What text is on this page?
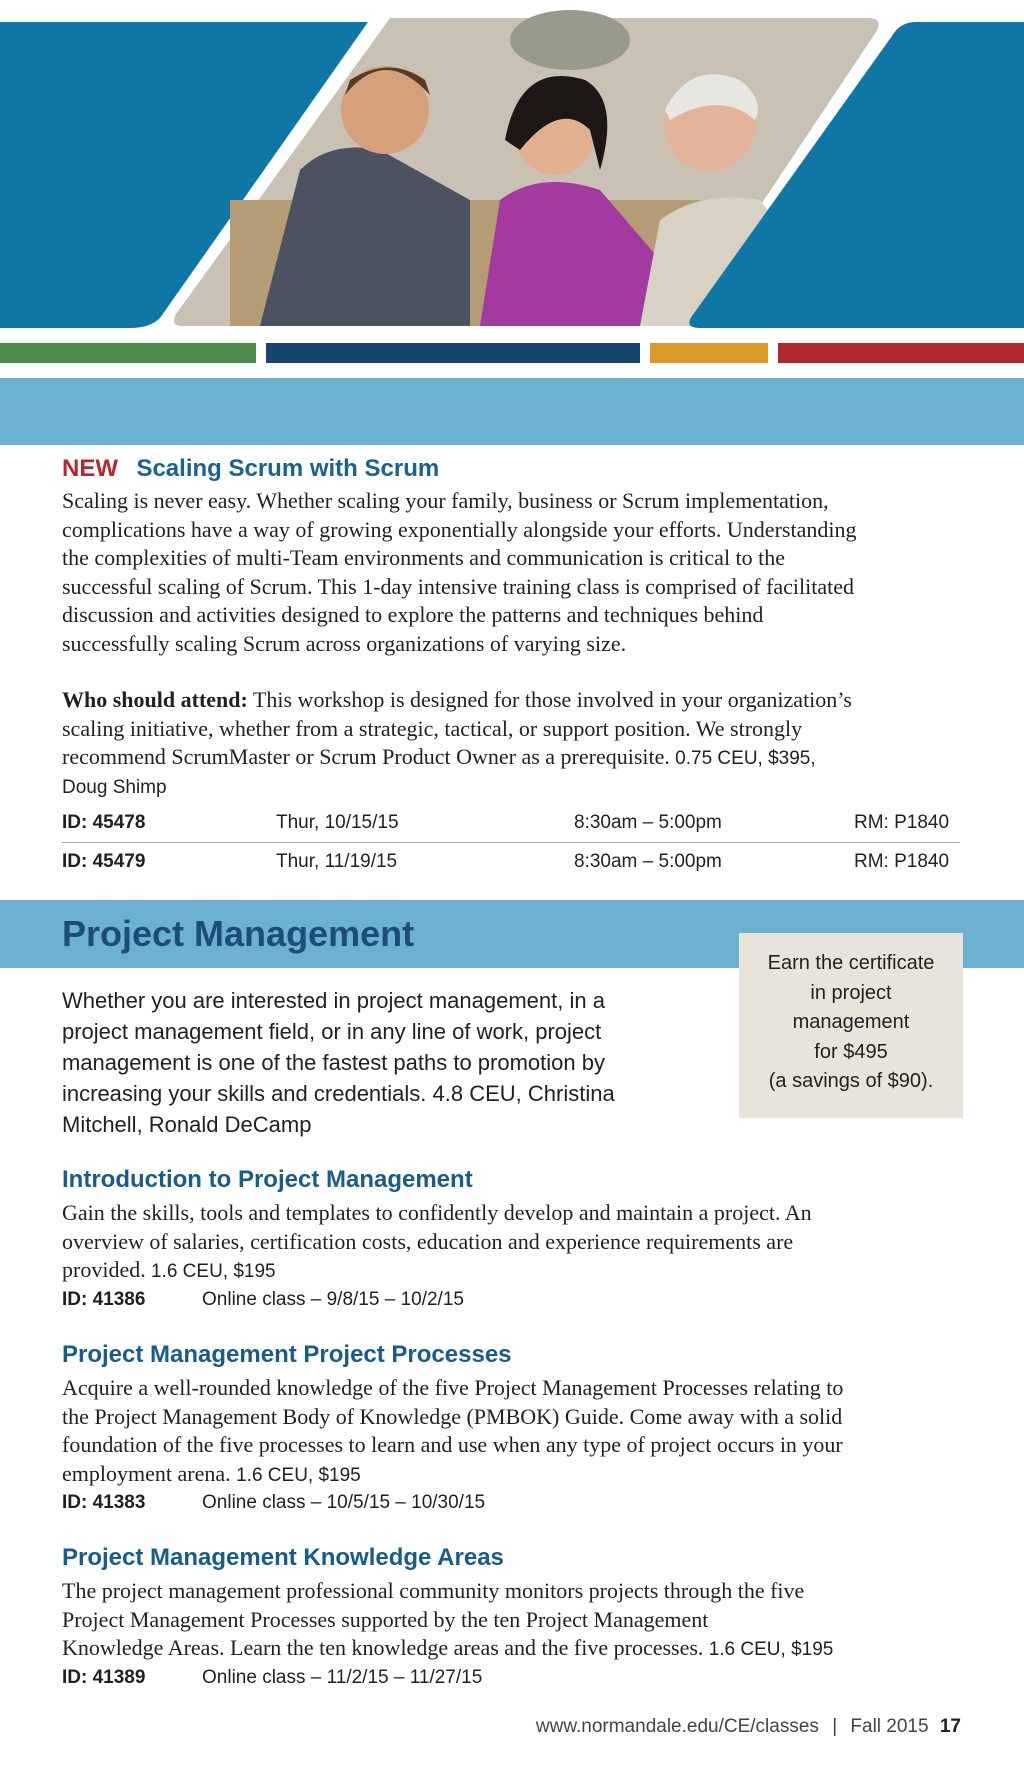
NEW Scaling Scrum with Scrum
Scaling is never easy. Whether scaling your family, business or Scrum implementation,
complications have a way of growing exponentially alongside your efforts. Understanding
the complexities of multi-Team environments and communication is critical to the
successful scaling of Scrum. This 1-day intensive training class is comprised of facilitated
discussion and activities designed to explore the patterns and techniques behind
successfully scaling Scrum across organizations of varying size.
Who should attend: This workshop is designed for those involved in your organization’s
scaling initiative, whether from a strategic, tactical, or support position. We strongly
recommend ScrumMaster or Scrum Product Owner as a prerequisite. 0.75 CEU, $395,
Doug Shimp
ID: 45478	Thur, 10/15/15	8:30am – 5:00pm	RM: P1840
ID: 45479	Thur, 11/19/15	8:30am – 5:00pm	RM: P1840
Project Management
Earn the certificate
in project
management
for $495
(a savings of $90).
Whether you are interested in project management, in a
project management field, or in any line of work, project
management is one of the fastest paths to promotion by
increasing your skills and credentials. 4.8 CEU, Christina
Mitchell, Ronald DeCamp
Introduction to Project Management
Gain the skills, tools and templates to confidently develop and maintain a project. An
overview of salaries, certification costs, education and experience requirements are
provided. 1.6 CEU, $195
ID: 41386	Online class – 9/8/15 – 10/2/15
Project Management Project Processes
Acquire a well-rounded knowledge of the five Project Management Processes relating to
the Project Management Body of Knowledge (PMBOK) Guide. Come away with a solid
foundation of the five processes to learn and use when any type of project occurs in your
employment arena. 1.6 CEU, $195
ID: 41383	Online class – 10/5/15 – 10/30/15
Project Management Knowledge Areas
The project management professional community monitors projects through the five
Project Management Processes supported by the ten Project Management
Knowledge Areas. Learn the ten knowledge areas and the five processes. 1.6 CEU, $195
ID: 41389	Online class – 11/2/15 – 11/27/15
www.normandale.edu/CE/classes | Fall 2015 17
